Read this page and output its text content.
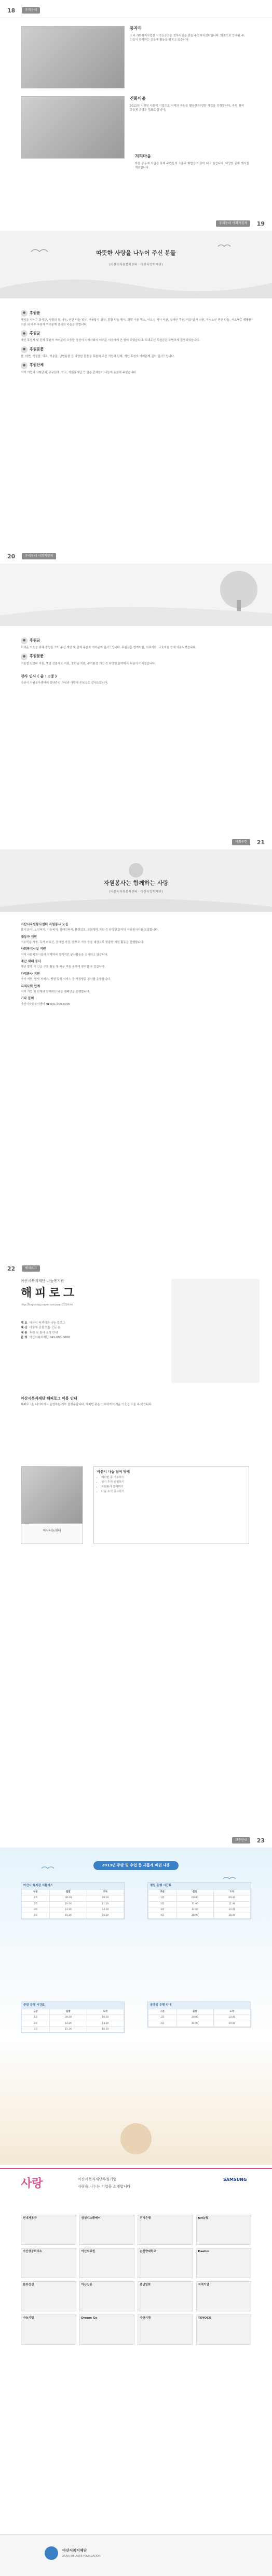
18	우리동네
풍자리

소리 사회복지사업장 시정공공장은 정부지원을 받은 주민자치센터입니다. 회원으로 등록된 주민들이 함께하는 공동체 활동을 펼치고 있습니다.

진화마을

2011년 지정된 사회적 기업으로 지역의 자원을 활용한 다양한 사업을 진행합니다. 주민 참여 공동체 운영을 목표로 합니다.

겨리마을

마을 공동체 사업을 통해 주민들의 소통과 화합을 이끌어 내고 있습니다. 다양한 문화 행사를 개최합니다.

19
우리동네 사회적경제
따뜻한 사랑을 나누어 주신 분들
(아산시자원봉사센터 · 아산시장학재단)
●	후원품

행복을 나누는 봉사단, 사랑의 쌀 나눔, 연탄 나눔 봉사, 이웃돕기 성금, 김장 나눔 행사, 희망 나눔 박스, 어르신 식사 지원, 장애인 후원, 아동 급식 지원, 독거노인 반찬 나눔, 저소득층 생필품 지원 외 다수 후원자 여러분께 감사의 마음을 전합니다.

●	후원금

개인 후원자 및 단체 후원자 여러분의 소중한 정성이 지역사회의 어려운 이웃에게 큰 힘이 되었습니다. 보내주신 후원금은 투명하게 집행되었습니다.

●	후원물품

쌀, 라면, 생필품, 의류, 학용품, 난방용품 등 다양한 물품을 후원해 주신 기업과 단체, 개인 후원자 여러분께 깊이 감사드립니다.

●	후원단체

지역 기업과 사회단체, 종교단체, 학교, 자원봉사단 등 많은 단체들이 나눔에 동참해 주셨습니다.

20	우리동네 사회적경제
●	후원금

어려운 이웃을 위해 정성을 모아 주신 개인 및 단체 후원자 여러분께 감사드립니다. 후원금은 생계지원, 의료지원, 교육지원 등에 사용되었습니다.

●	후원물품

겨울철 난방비 지원, 명절 선물세트 지원, 장학금 지원, 주거환경 개선 등 다양한 분야에서 후원이 이어졌습니다.

감사 인사 ( 총 : 1명 )

아산시 자원봉사센터에 보내주신 관심과 사랑에 진심으로 감사드립니다.

21
사회공헌
자원봉사는 함께하는 사랑
(아산시자원봉사센터 · 아산시장학재단)
아산시자원봉사센터 자원봉사 모집

봉사 분야: 노인복지, 아동복지, 장애인복지, 환경보호, 문화행사 지원 등 다양한 분야의 자원봉사자를 모집합니다.

대상자 지원

저소득층 가정, 독거 어르신, 장애인 가정, 한부모 가정 등을 대상으로 맞춤형 지원 활동을 진행합니다.

사회복지시설 지원

지역 사회복지시설과 연계하여 정기적인 봉사활동을 실시하고 있습니다.

재난 재해 봉사

재난 발생 시 긴급 구호 활동 및 복구 지원 봉사에 참여할 수 있습니다.

가정봉사 지원

가사 지원, 말벗 서비스, 병원 동행 서비스 등 가정방문 봉사를 운영합니다.

지역사회 연계

지역 기업 및 단체와 함께하는 나눔 캠페인을 진행합니다.

기타 문의

아산시자원봉사센터 ☎ 041-000-0000

22	해피로그
아산시복지재단 나눔복지관
해피로그
http://happylog.naver.com/asan2014.do
개 요 아산시 복지재단 나눔 블로그
대 상 나눔에 관심 있는 모든 분
내 용 후원 및 봉사 소식 안내
문 의 아산시복지재단 041-000-0000
아산시복지재단 해피로그 이용 안내

해피로그는 네이버에서 운영하는 기부 플랫폼입니다. 해피빈 콩을 기부하여 어려운 이웃을 도울 수 있습니다.

아산나눔센터
아산시 나눔 참여 방법
• 해피빈 콩 기부하기
• 정기 후원 신청하기
• 자원봉사 참여하기
• 나눔 소식 공유하기
23
교통안내
2013년 주말 및 수업 등 새롭게 바뀐 내용
아산시 복지관 셔틀버스
구분	출발	도착
1회	08:30	09:10
2회	10:30	11:10
3회	13:30	14:10
4회	15:30	16:10
평일 운행 시간표
구분	출발	도착
1회	09:00	09:40
2회	11:00	11:40
3회	14:00	14:40
4회	16:00	16:40
주말 운행 시간표
구분	출발	도착
1회	09:30	10:10
2회	12:30	13:10
3회	15:30	16:10
공휴일 운행 안내
구분	출발	도착
1회	10:00	10:40
2회	14:00	14:40
사랑	아산시복지재단후원기업
사랑을 나누는 기업을 소개합니다
SAMSUNG
현대자동차	삼성디스플레이	우리은행	NH농협
아산상공회의소	아산의료원	순천향대학교	Daelim
한라건설	아산신문	충남일보	지역기업
나눔기업	Dream Go	아산시청	TOYOCO
아산시복지재단
ASAN WELFARE FOUNDATION
